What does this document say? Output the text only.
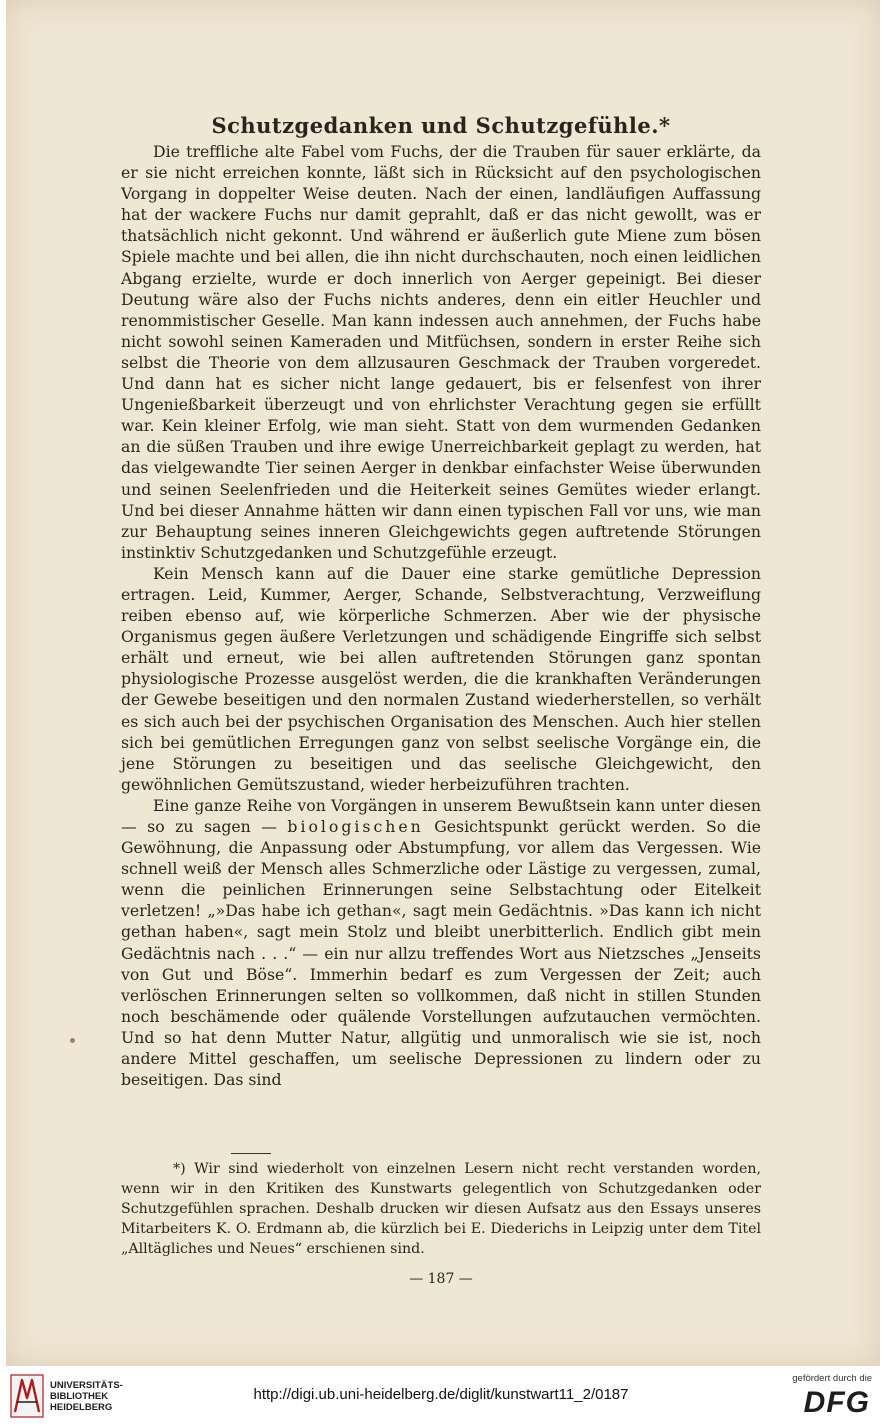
Schutzgedanken und Schutzgefühle.*

Die treffliche alte Fabel vom Fuchs, der die Trauben für sauer erklärte, da er sie nicht erreichen konnte, läßt sich in Rücksicht auf den psychologischen Vorgang in doppelter Weise deuten. Nach der einen, landläufigen Auffassung hat der wackere Fuchs nur damit geprahlt, daß er das nicht gewollt, was er thatsächlich nicht gekonnt. Und während er äußerlich gute Miene zum bösen Spiele machte und bei allen, die ihn nicht durchschauten, noch einen leidlichen Abgang erzielte, wurde er doch innerlich von Aerger gepeinigt. Bei dieser Deutung wäre also der Fuchs nichts anderes, denn ein eitler Heuchler und renommistischer Geselle. Man kann indessen auch annehmen, der Fuchs habe nicht sowohl seinen Kameraden und Mitfüchsen, sondern in erster Reihe sich selbst die Theorie von dem allzusauren Geschmack der Trauben vorgeredet. Und dann hat es sicher nicht lange gedauert, bis er felsenfest von ihrer Ungenießbarkeit überzeugt und von ehrlichster Verachtung gegen sie erfüllt war. Kein kleiner Erfolg, wie man sieht. Statt von dem wurmenden Gedanken an die süßen Trauben und ihre ewige Unerreichbarkeit geplagt zu werden, hat das vielgewandte Tier seinen Aerger in denkbar einfachster Weise überwunden und seinen Seelenfrieden und die Heiterkeit seines Gemütes wieder erlangt. Und bei dieser Annahme hätten wir dann einen typischen Fall vor uns, wie man zur Behauptung seines inneren Gleichgewichts gegen auftretende Störungen instinktiv Schutzgedanken und Schutzgefühle erzeugt.

Kein Mensch kann auf die Dauer eine starke gemütliche Depression ertragen. Leid, Kummer, Aerger, Schande, Selbstverachtung, Verzweiflung reiben ebenso auf, wie körperliche Schmerzen. Aber wie der physische Organismus gegen äußere Verletzungen und schädigende Eingriffe sich selbst erhält und erneut, wie bei allen auftretenden Störungen ganz spontan physiologische Prozesse ausgelöst werden, die die krankhaften Veränderungen der Gewebe beseitigen und den normalen Zustand wiederherstellen, so verhält es sich auch bei der psychischen Organisation des Menschen. Auch hier stellen sich bei gemütlichen Erregungen ganz von selbst seelische Vorgänge ein, die jene Störungen zu beseitigen und das seelische Gleichgewicht, den gewöhnlichen Gemütszustand, wieder herbeizuführen trachten.

Eine ganze Reihe von Vorgängen in unserem Bewußtsein kann unter diesen — so zu sagen — biologischen Gesichtspunkt gerückt werden. So die Gewöhnung, die Anpassung oder Abstumpfung, vor allem das Vergessen. Wie schnell weiß der Mensch alles Schmerzliche oder Lästige zu vergessen, zumal, wenn die peinlichen Erinnerungen seine Selbstachtung oder Eitelkeit verletzen! „»Das habe ich gethan«, sagt mein Gedächtnis. »Das kann ich nicht gethan haben«, sagt mein Stolz und bleibt unerbitterlich. Endlich gibt mein Gedächtnis nach . . .“ — ein nur allzu treffendes Wort aus Nietzsches „Jenseits von Gut und Böse“. Immerhin bedarf es zum Vergessen der Zeit; auch verlöschen Erinnerungen selten so vollkommen, daß nicht in stillen Stunden noch beschämende oder quälende Vorstellungen aufzutauchen vermöchten. Und so hat denn Mutter Natur, allgütig und unmoralisch wie sie ist, noch andere Mittel geschaffen, um seelische Depressionen zu lindern oder zu beseitigen. Das sind

*) Wir sind wiederholt von einzelnen Lesern nicht recht verstanden worden, wenn wir in den Kritiken des Kunstwarts gelegentlich von Schutzgedanken oder Schutzgefühlen sprachen. Deshalb drucken wir diesen Aufsatz aus den Essays unseres Mitarbeiters K. O. Erdmann ab, die kürzlich bei E. Diederichs in Leipzig unter dem Titel „Alltägliches und Neues“ erschienen sind.

— 187 —
UNIVERSITÄTS-
BIBLIOTHEK
HEIDELBERG
http://digi.ub.uni-heidelberg.de/diglit/kunstwart11_2/0187
gefördert durch die
DFG
